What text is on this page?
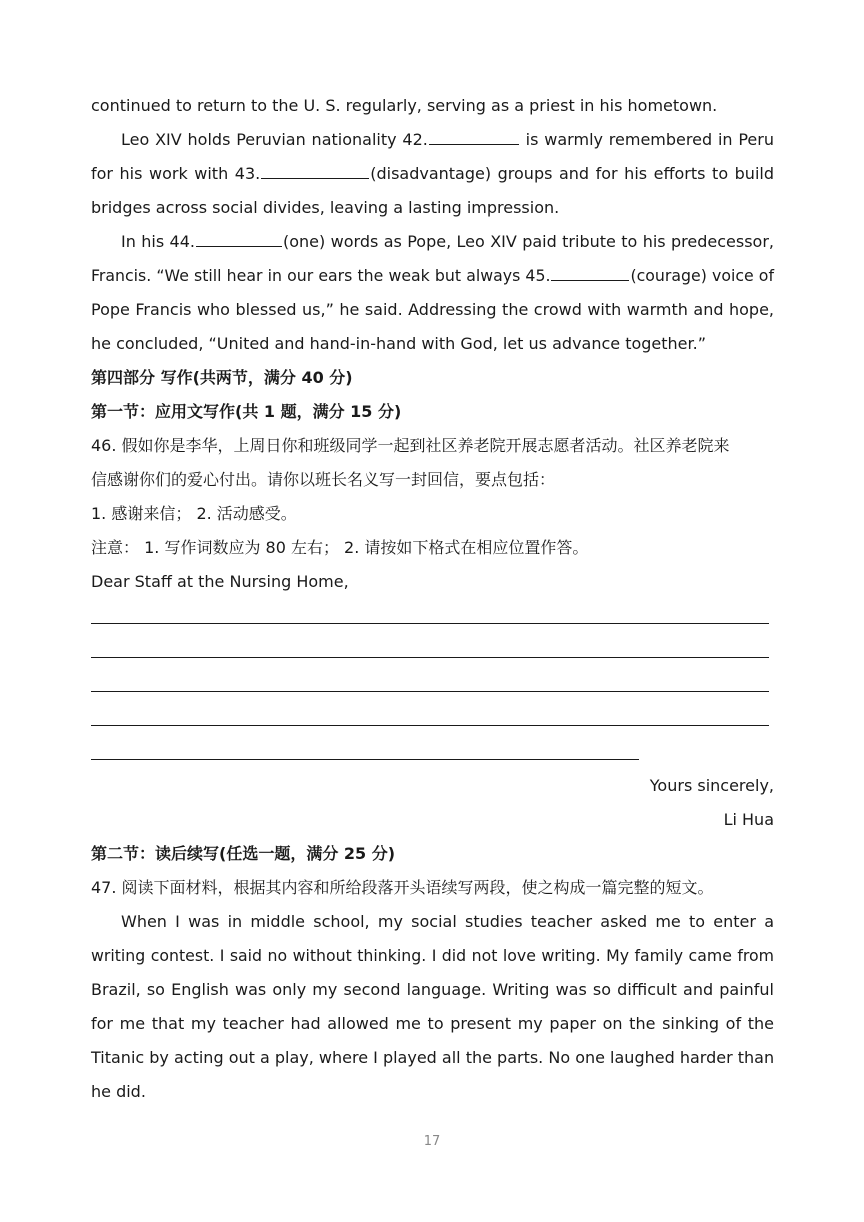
continued to return to the U. S. regularly, serving as a priest in his hometown.
Leo XIV holds Peruvian nationality 42.	is warmly remembered in Peru
for his work with 43.	(disadvantage) groups and for his efforts to build
bridges across social divides, leaving a lasting impression.
In his 44.	(one) words as Pope, Leo XIV paid tribute to his predecessor,
Francis. “We still hear in our ears the weak but always 45.	(courage) voice of
Pope Francis who blessed us,” he said. Addressing the crowd with warmth and hope,
he concluded, “United and hand-in-hand with God, let us advance together.”
第四部分 写作(共两节，满分 40 分)
第一节：应用文写作(共 1 题，满分 15 分)
46. 假如你是李华，上周日你和班级同学一起到社区养老院开展志愿者活动。社区养老院来
信感谢你们的爱心付出。请你以班长名义写一封回信，要点包括：
1. 感谢来信； 2. 活动感受。
注意： 1. 写作词数应为 80 左右； 2. 请按如下格式在相应位置作答。
Dear Staff at the Nursing Home,
Yours sincerely,
Li Hua
第二节：读后续写(任选一题，满分 25 分)
47. 阅读下面材料，根据其内容和所给段落开头语续写两段，使之构成一篇完整的短文。
When I was in middle school, my social studies teacher asked me to enter a
writing contest. I said no without thinking. I did not love writing. My family came from
Brazil, so English was only my second language. Writing was so difficult and painful
for me that my teacher had allowed me to present my paper on the sinking of the
Titanic by acting out a play, where I played all the parts. No one laughed harder than
he did.
17
